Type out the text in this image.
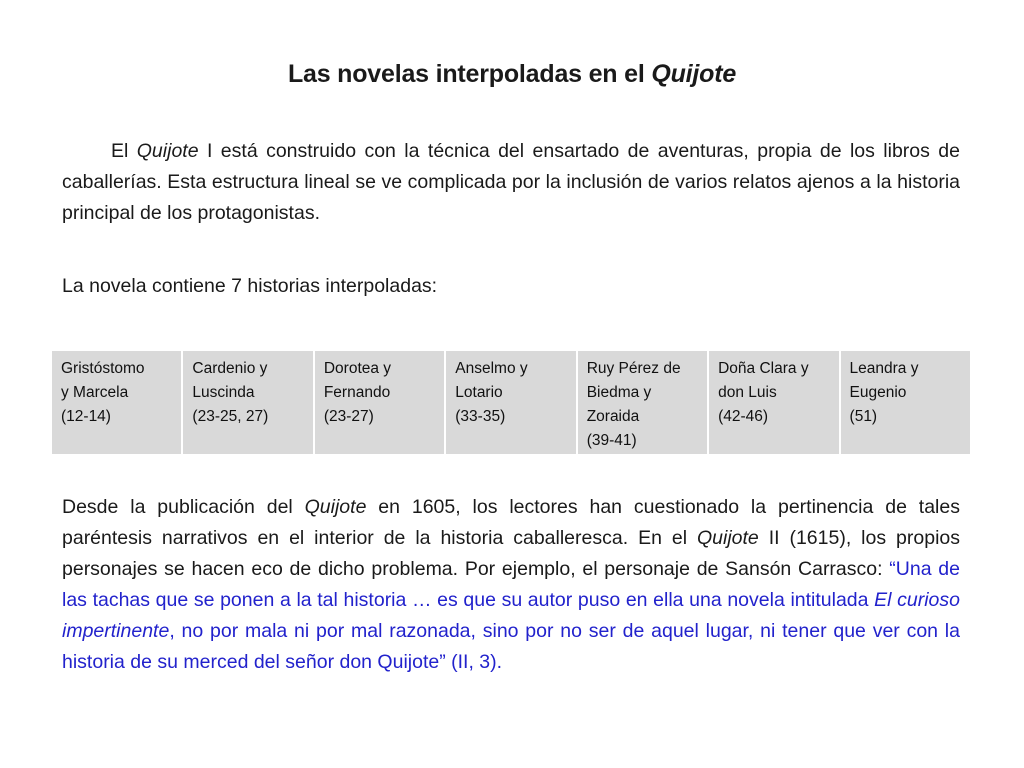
Las novelas interpoladas en el Quijote

El Quijote I está construido con la técnica del ensartado de aventuras, propia de los libros de caballerías. Esta estructura lineal se ve complicada por la inclusión de varios relatos ajenos a la historia principal de los protagonistas.

La novela contiene 7 historias interpoladas:

Gristóstomo
y Marcela
(12-14)
Cardenio y
Luscinda
(23-25, 27)
Dorotea y
Fernando
(23-27)
Anselmo y
Lotario
(33-35)
Ruy Pérez de
Biedma y
Zoraida
(39-41)
Doña Clara y
don Luis
(42-46)
Leandra y
Eugenio
(51)

Desde la publicación del Quijote en 1605, los lectores han cuestionado la pertinencia de tales paréntesis narrativos en el interior de la historia caballeresca. En el Quijote II (1615), los propios personajes se hacen eco de dicho problema. Por ejemplo, el personaje de Sansón Carrasco: “Una de las tachas que se ponen a la tal historia … es que su autor puso en ella una novela intitulada El curioso impertinente, no por mala ni por mal razonada, sino por no ser de aquel lugar, ni tener que ver con la historia de su merced del señor don Quijote” (II, 3).
